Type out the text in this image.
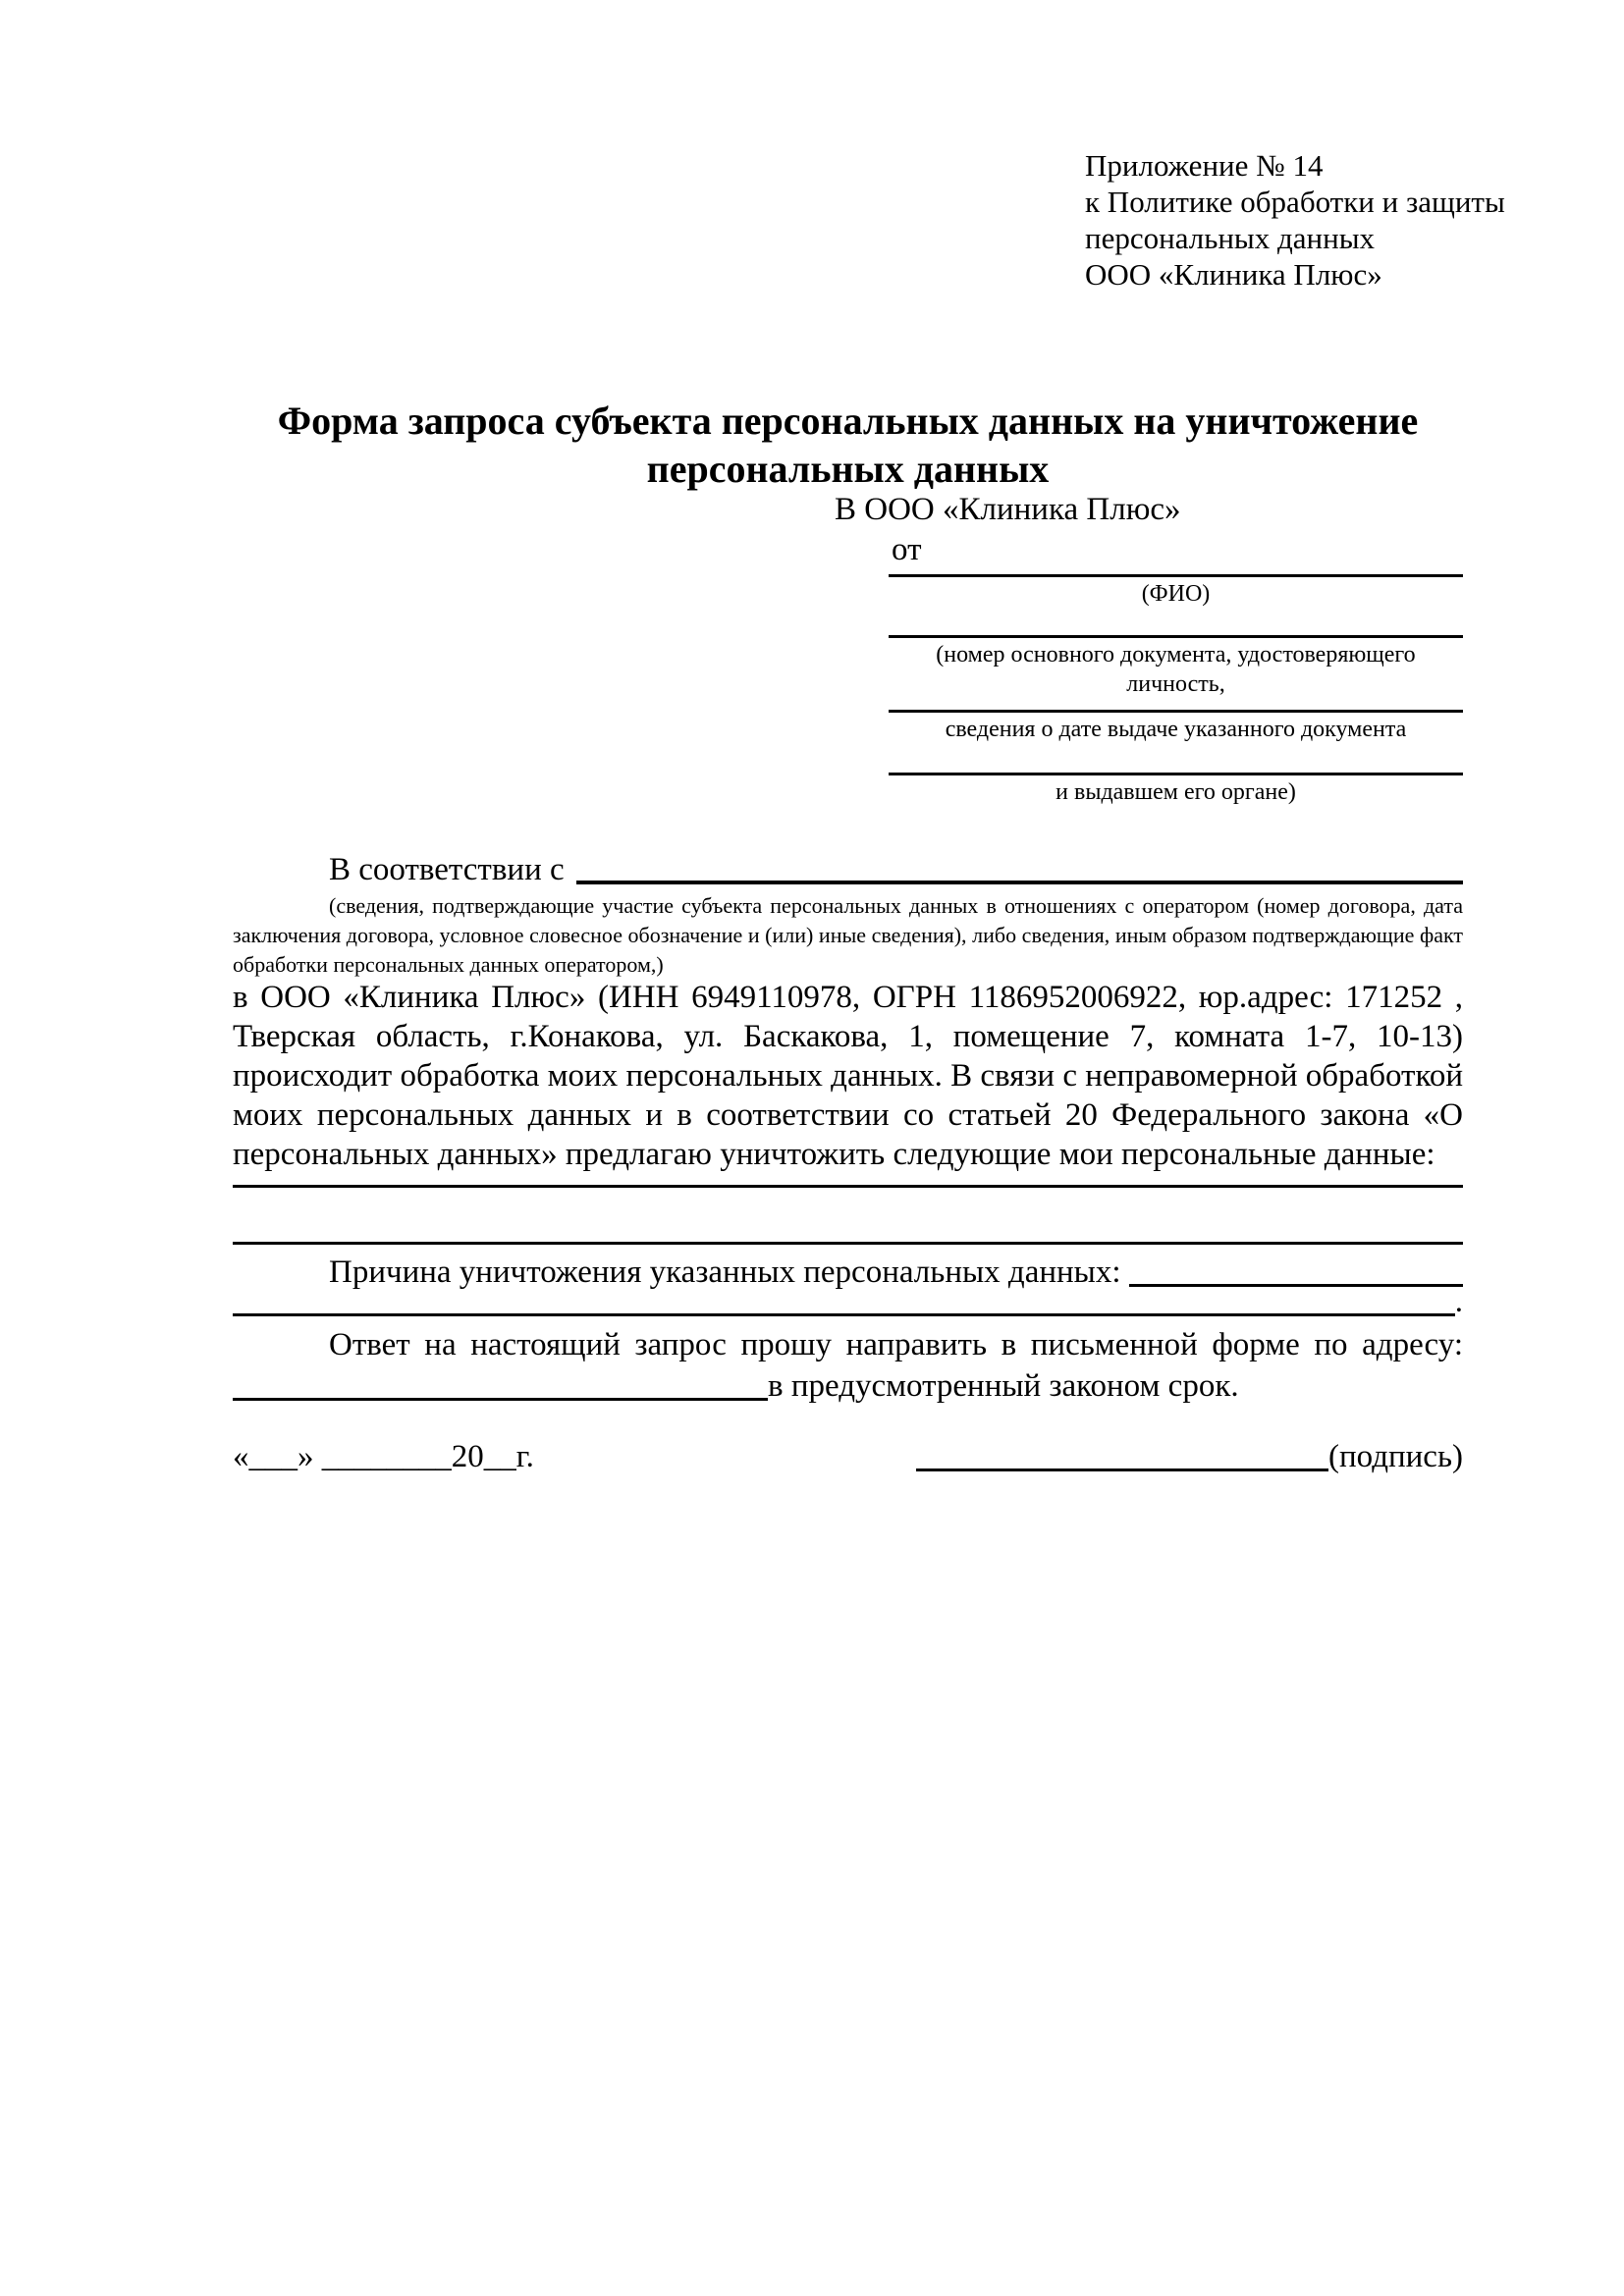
Приложение № 14
к Политике обработки и защиты
персональных данных
ООО «Клиника Плюс»
Форма запроса субъекта персональных данных на уничтожение
персональных данных
В ООО «Клиника Плюс»
от
(ФИО)
(номер основного документа, удостоверяющего личность,
сведения о дате выдаче указанного документа
и выдавшем его органе)
В соответствии с
(сведения, подтверждающие участие субъекта персональных данных в отношениях с оператором (номер договора, дата
заключения договора, условное словесное обозначение и (или) иные сведения), либо сведения, иным образом подтверждающие факт
обработки персональных данных оператором,)
в ООО «Клиника Плюс» (ИНН 6949110978, ОГРН 1186952006922, юр.адрес: 171252 ,
Тверская область, г.Конакова, ул. Баскакова, 1, помещение 7, комната 1-7, 10-13)
происходит обработка моих персональных данных. В связи с неправомерной обработкой
моих персональных данных и в соответствии со статьей 20 Федерального закона «О
персональных данных» предлагаю уничтожить следующие мои персональные данные:
Причина уничтожения указанных персональных данных:
.
Ответ на настоящий запрос прошу направить в письменной форме по адресу:
в предусмотренный законом срок.
«___» ________20__г.	(подпись)
